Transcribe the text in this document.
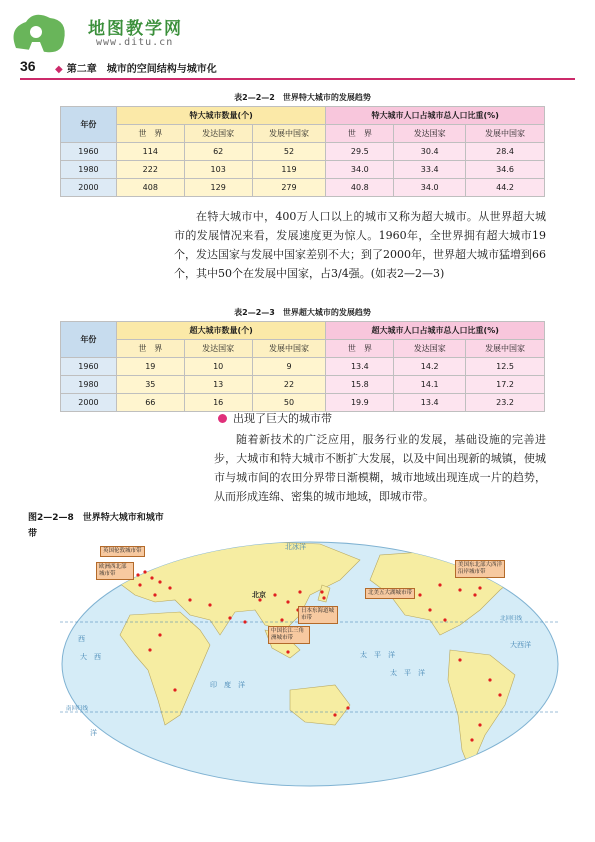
地图教学网
www.ditu.cn
36 ◆ 第二章　城市的空间结构与城市化
表2—2—2　世界特大城市的发展趋势
年份	特大城市数量(个)			特大城市人口占城市总人口比重(%)		
	世　界	发达国家	发展中国家	世　界	发达国家	发展中国家
1960	114	62	52	29.5	30.4	28.4
1980	222	103	119	34.0	33.4	34.6
2000	408	129	279	40.8	34.0	44.2
在特大城市中，400万人口以上的城市又称为超大城市。从世界超大城市的发展情况来看，发展速度更为惊人。1960年，全世界拥有超大城市19个，发达国家与发展中国家差别不大；到了2000年，世界超大城市猛增到66个，其中50个在发展中国家，占3/4强。(如表2—2—3)
表2—2—3　世界超大城市的发展趋势
年份	超大城市数量(个)			超大城市人口占城市总人口比重(%)		
	世　界	发达国家	发展中国家	世　界	发达国家	发展中国家
1960	19	10	9	13.4	14.2	12.5
1980	35	13	22	15.8	14.1	17.2
2000	66	16	50	19.9	13.4	23.2
出现了巨大的城市带
随着新技术的广泛应用，服务行业的发展，基础设施的完善进步，大城市和特大城市不断扩大发展，以及中间出现新的城镇，使城市与城市间的农田分界带日渐模糊，城市地域出现连成一片的趋势，从而形成连绵、密集的城市地域，即城市带。
图2—2—8　世界特大城市和城市带
英国伦敦城市带
欧洲西北部城市带
日本东海道城市带
中国长江三角洲城市带
北美五大湖城市带
美国东北部大西洋沿岸城市带
北京
太　平　洋
太　平　洋
印　度　洋
大　西
大西洋
西
洋
北冰洋
北回归线
南回归线
